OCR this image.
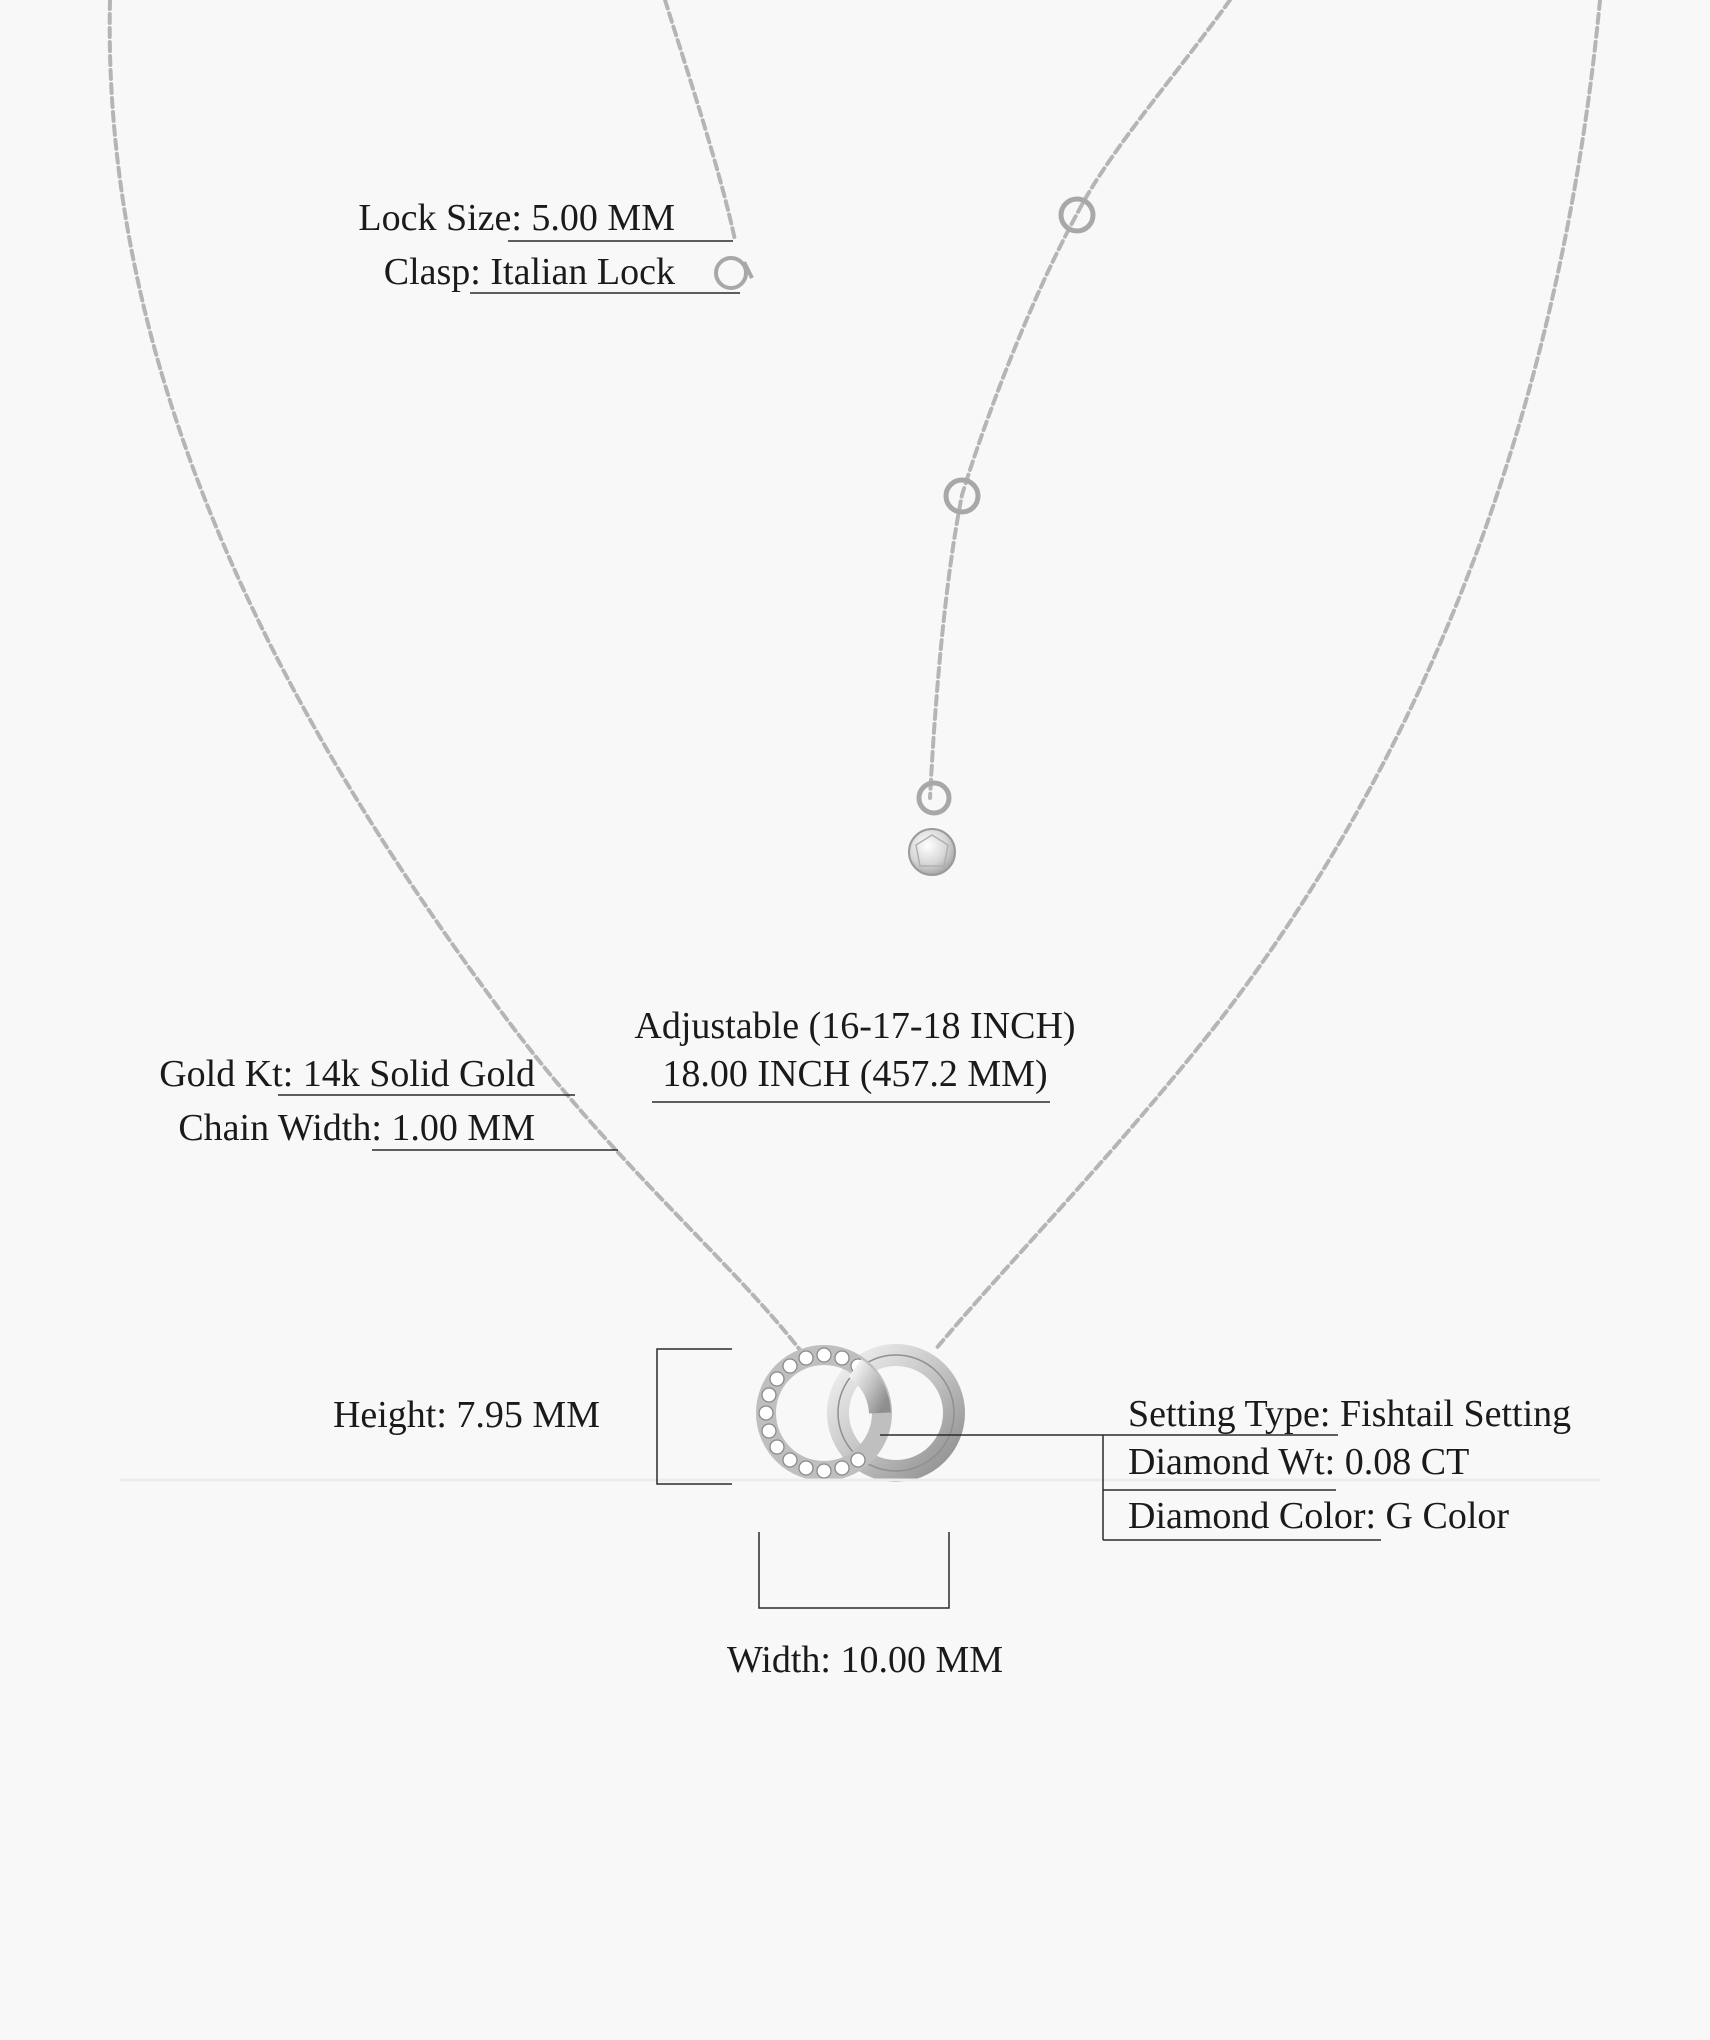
Lock Size: 5.00 MM
Clasp: Italian Lock
Adjustable (16-17-18 INCH)
18.00 INCH (457.2 MM)
Gold Kt: 14k Solid Gold
Chain Width: 1.00 MM
Height: 7.95 MM
Width: 10.00 MM
Setting Type: Fishtail Setting
Diamond Wt: 0.08 CT
Diamond Color: G Color
